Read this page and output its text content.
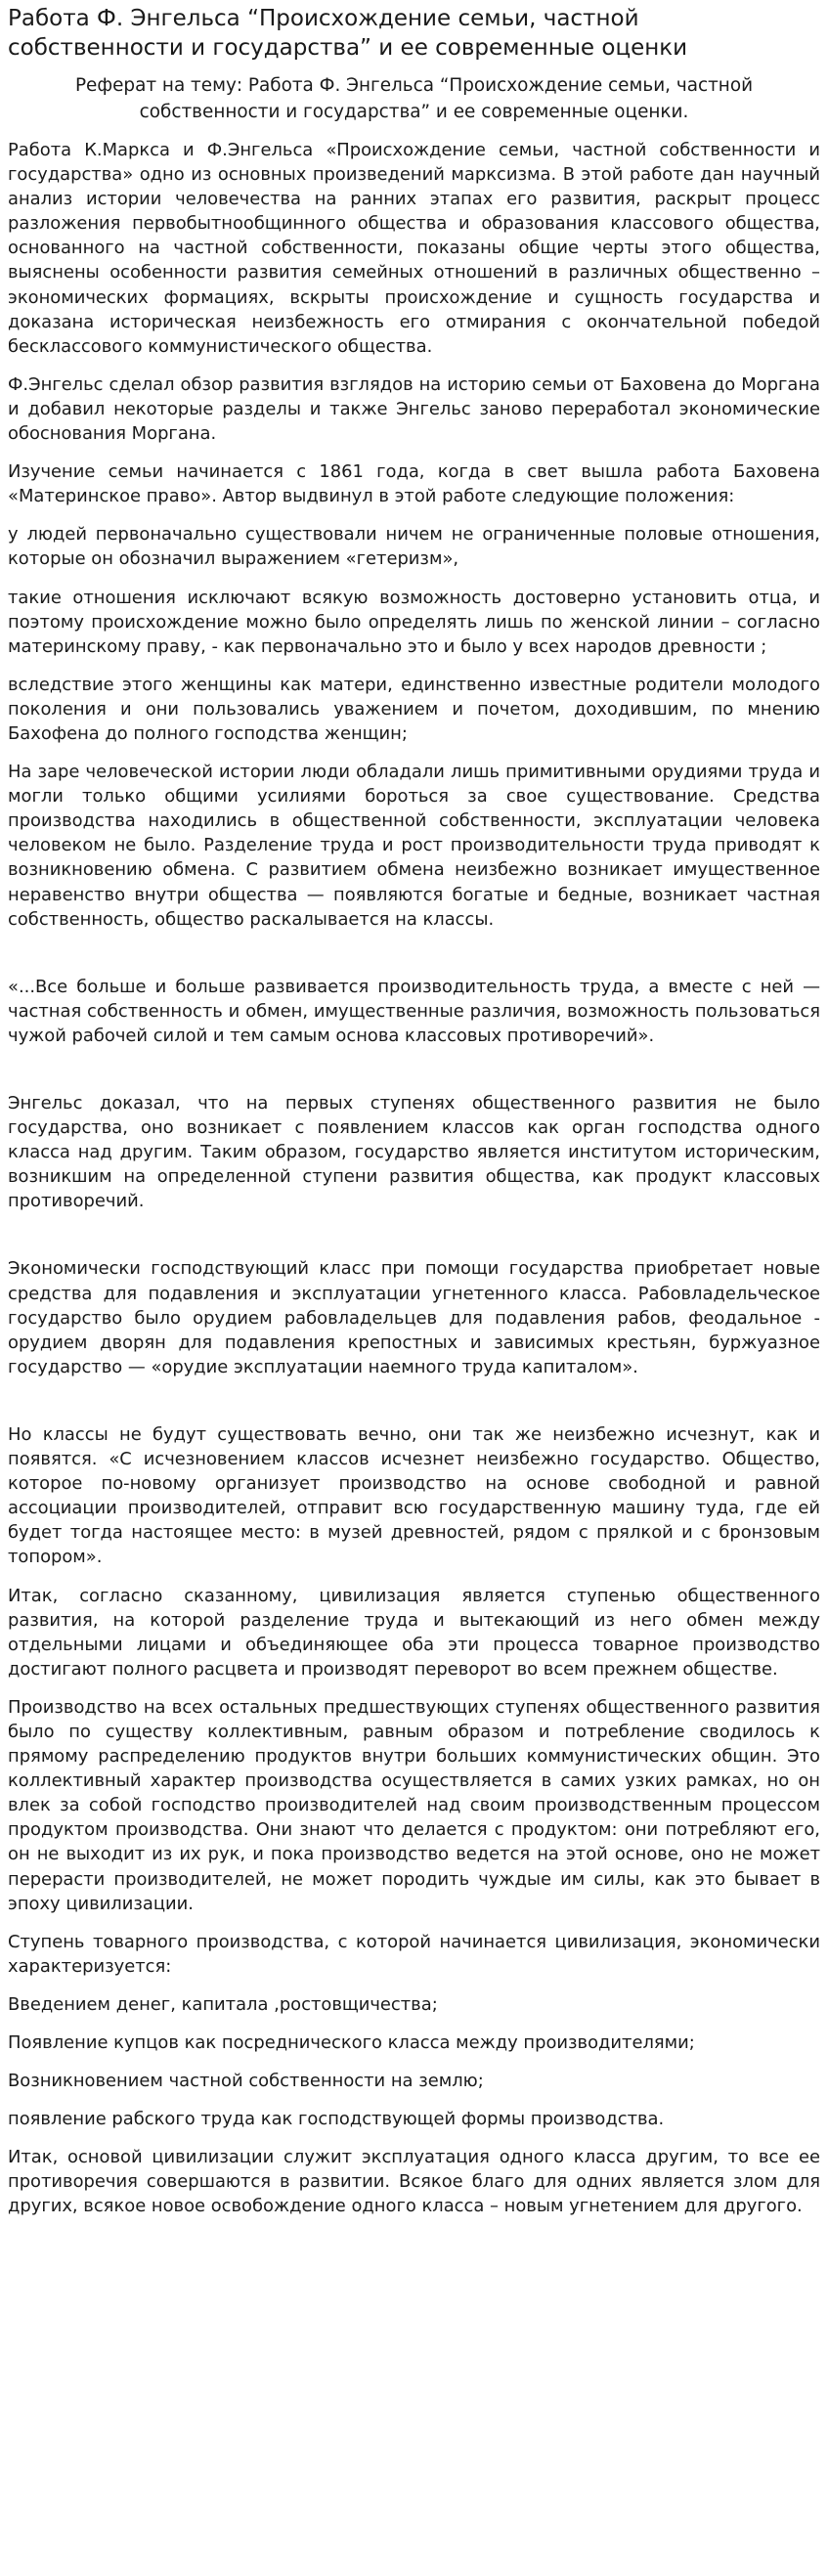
Работа Ф. Энгельса “Происхождение семьи, частной собственности и государства” и ее современные оценки
Реферат на тему: Работа Ф. Энгельса “Происхождение семьи, частной собственности и государства” и ее современные оценки.

Работа К.Маркса и Ф.Энгельса «Происхождение семьи, частной собственности и государства» одно из основных произведений марксизма. В этой работе дан научный анализ истории человечества на ранних этапах его развития, раскрыт процесс разложения первобытнообщинного общества и образования классового общества, основанного на частной собственности, показаны общие черты этого общества, выяснены особенности развития семейных отношений в различных общественно – экономических формациях, вскрыты происхождение и сущность государства и доказана историческая неизбежность его отмирания с окончательной победой бесклассового коммунистического общества.

Ф.Энгельс сделал обзор развития взглядов на историю семьи от Баховена до Моргана и добавил некоторые разделы и также Энгельс заново переработал экономические обоснования Моргана.

Изучение семьи начинается с 1861 года, когда в свет вышла работа Баховена «Материнское право». Автор выдвинул в этой работе следующие положения:

у людей первоначально существовали ничем не ограниченные половые отношения, которые он обозначил выражением «гетеризм»,

такие отношения исключают всякую возможность достоверно установить отца, и поэтому происхождение можно было определять лишь по женской линии – согласно материнскому праву, - как первоначально это и было у всех народов древности ;

вследствие этого женщины как матери, единственно известные родители молодого поколения и они пользовались уважением и почетом, доходившим, по мнению Бахофена до полного господства женщин;

На заре человеческой истории люди обладали лишь примитивными орудиями труда и могли только общими усилиями бороться за свое существование. Средства производства находились в общественной собственности, эксплуатации человека человеком не было. Разделение труда и рост производительности труда приводят к возникновению обмена. С развитием обмена неизбежно возникает имущественное неравенство внутри общества — появляются богатые и бедные, возникает частная собственность, общество раскалывается на классы.

«...Все больше и больше развивается производительность труда, а вместе с ней — частная собственность и обмен, имущественные различия, возможность пользоваться чужой рабочей силой и тем самым основа классовых противоречий».

Энгельс доказал, что на первых ступенях общественного развития не было государства, оно возникает с появлением классов как орган господства одного класса над другим. Таким образом, государство является институтом историческим, возникшим на определенной ступени развития общества, как продукт классовых противоречий.

Экономически господствующий класс при помощи государства приобретает новые средства для подавления и эксплуатации угнетенного класса. Рабовладельческое государство было орудием рабовладельцев для подавления рабов, феодальное - орудием дворян для подавления крепостных и зависимых крестьян, буржуазное государство — «орудие эксплуатации наемного труда капиталом».

Но классы не будут существовать вечно, они так же неизбежно исчезнут, как и появятся. «С исчезновением классов исчезнет неизбежно государство. Общество, которое по-новому организует производство на основе свободной и равной ассоциации производителей, отправит всю государственную машину туда, где ей будет тогда настоящее место: в музей древностей, рядом с прялкой и с бронзовым топором».

Итак, согласно сказанному, цивилизация является ступенью общественного развития, на которой разделение труда и вытекающий из него обмен между отдельными лицами и объединяющее оба эти процесса товарное производство достигают полного расцвета и производят переворот во всем прежнем обществе.

Производство на всех остальных предшествующих ступенях общественного развития было по существу коллективным, равным образом и потребление сводилось к прямому распределению продуктов внутри больших коммунистических общин. Это коллективный характер производства осуществляется в самих узких рамках, но он влек за собой господство производителей над своим производственным процессом продуктом производства. Они знают что делается с продуктом: они потребляют его, он не выходит из их рук, и пока производство ведется на этой основе, оно не может перерасти производителей, не может породить чуждые им силы, как это бывает в эпоху цивилизации.

Ступень товарного производства, с которой начинается цивилизация, экономически характеризуется:

Введением денег, капитала ,ростовщичества;

Появление купцов как посреднического класса между производителями;

Возникновением частной собственности на землю;

появление рабского труда как господствующей формы производства.

Итак, основой цивилизации служит эксплуатация одного класса другим, то все ее противоречия совершаются в развитии. Всякое благо для одних является злом для других, всякое новое освобождение одного класса – новым угнетением для другого.
